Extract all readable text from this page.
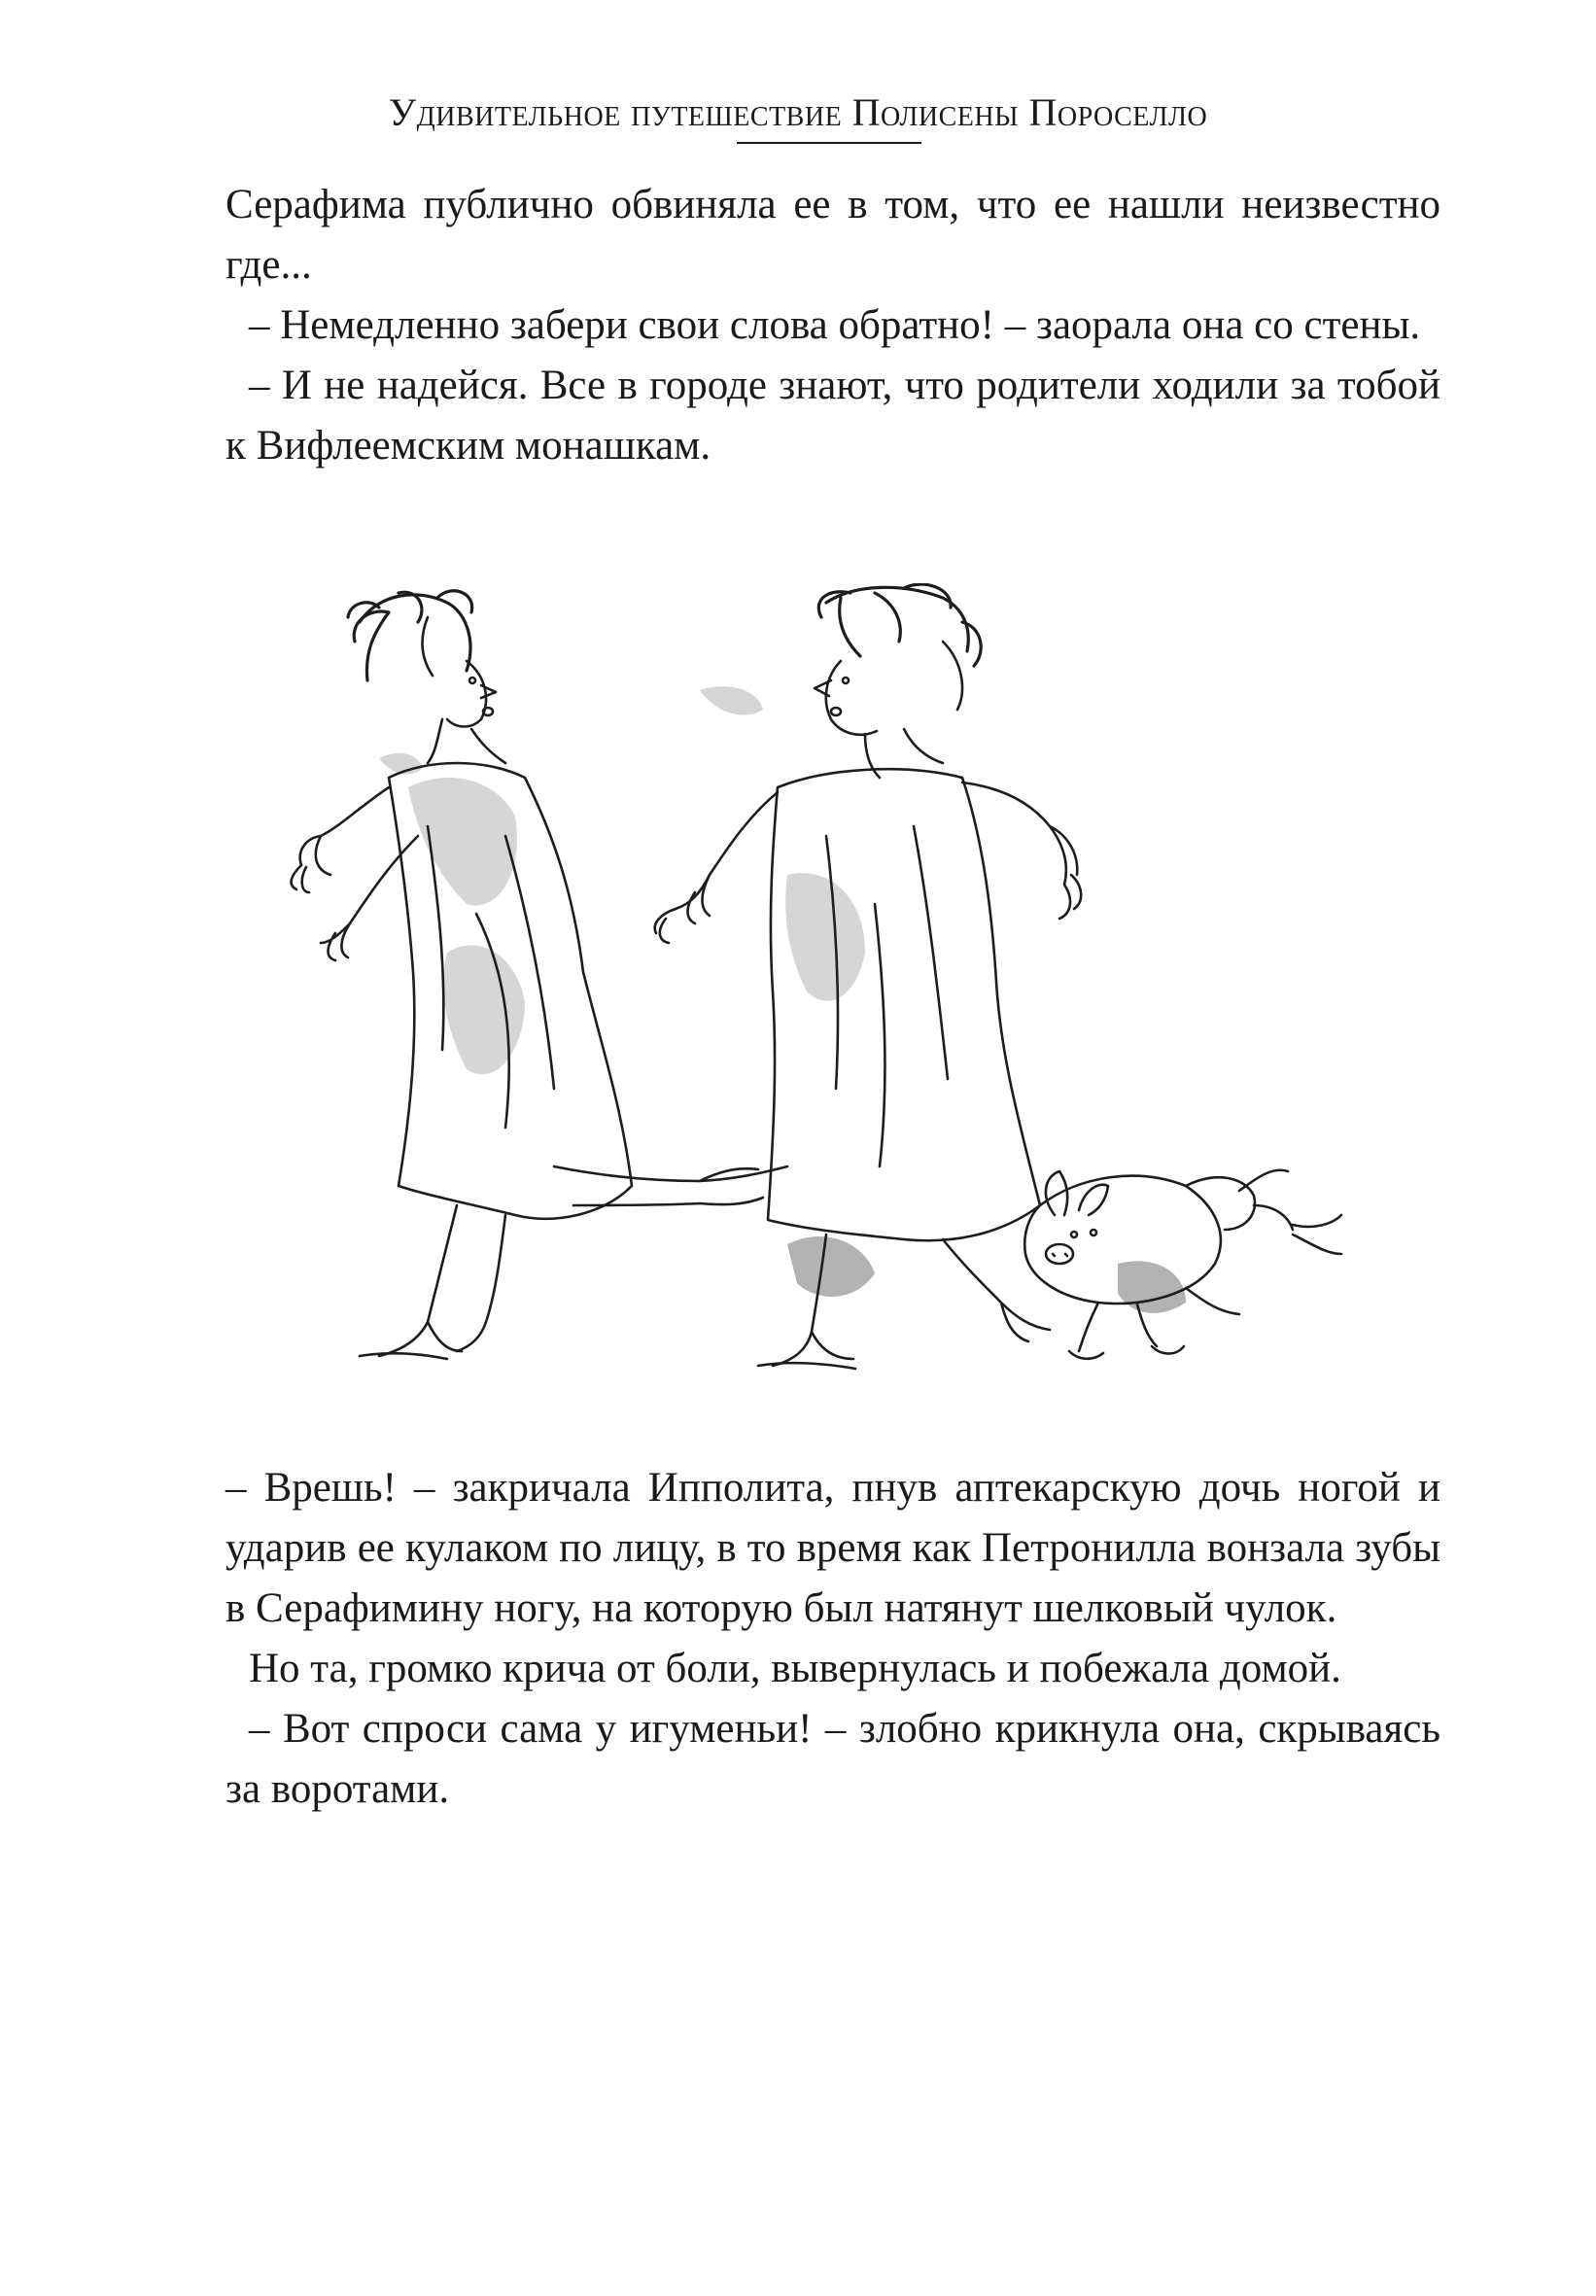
Удивительное путешествие Полисены Пороселло

Серафима публично обвиняла ее в том, что ее нашли неизвестно где...

– Немедленно забери свои слова обратно! – заорала она со стены.

– И не надейся. Все в городе знают, что родители ходили за тобой к Вифлеемским монашкам.

– Врешь! – закричала Ипполита, пнув аптекарскую дочь ногой и ударив ее кулаком по лицу, в то время как Петронилла вонзала зубы в Серафимину ногу, на которую был натянут шелковый чулок.

Но та, громко крича от боли, вывернулась и побежала домой.

– Вот спроси сама у игуменьи! – злобно крикнула она, скрываясь за воротами.
